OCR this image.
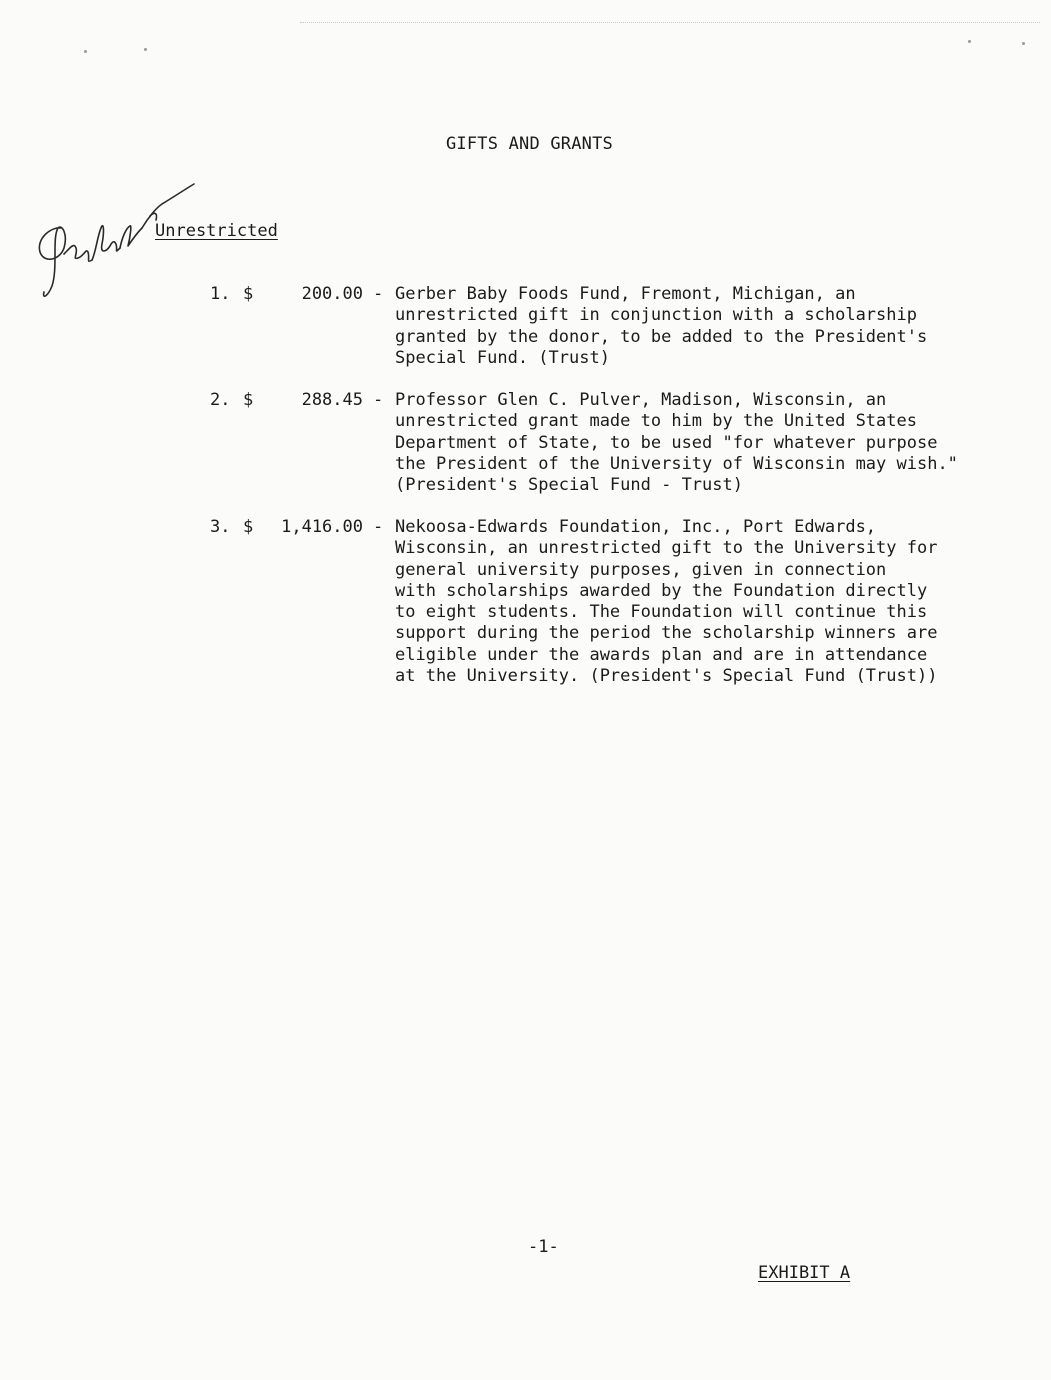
GIFTS AND GRANTS
Unrestricted
1. $	200.00 - Gerber Baby Foods Fund, Fremont, Michigan, an
unrestricted gift in conjunction with a scholarship
granted by the donor, to be added to the President's
Special Fund. (Trust)
2. $	288.45 - Professor Glen C. Pulver, Madison, Wisconsin, an
unrestricted grant made to him by the United States
Department of State, to be used "for whatever purpose
the President of the University of Wisconsin may wish."
(President's Special Fund - Trust)
3. $ 1,416.00 - Nekoosa-Edwards Foundation, Inc., Port Edwards,
Wisconsin, an unrestricted gift to the University for
general university purposes, given in connection
with scholarships awarded by the Foundation directly
to eight students. The Foundation will continue this
support during the period the scholarship winners are
eligible under the awards plan and are in attendance
at the University. (President's Special Fund (Trust))
-1-
EXHIBIT A
